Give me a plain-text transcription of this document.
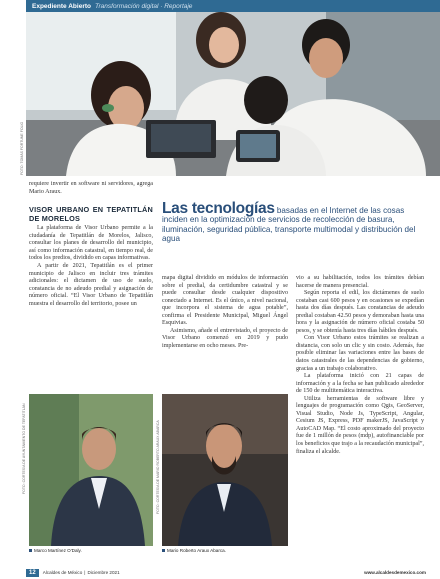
Expediente Abierto Transformación digital · Reportaje
FOTO: TOMÁS FORTUNE FOLIO

requiere invertir en software ni servidores, agrega Mario Araux.

VISOR URBANO EN TEPATITLÁN DE MORELOS

La plataforma de Visor Urbano permite a la ciudadanía de Tepatitlán de Morelos, Jalisco, consultar los planes de desarrollo del municipio, así como información catastral, en tiempo real, de todos los predios, dividido en capas informativas.

A partir de 2021, Tepatitlán es el primer municipio de Jalisco en incluir tres trámites adicionales: el dictamen de uso de suelo, constancia de no adeudo predial y asignación de número oficial. “El Visor Urbano de Tepatitlán muestra el desarrollo del territorio, posee un

Las tecnologías basadas en el Internet de las cosas inciden en la optimización de servicios de recolección de basura, iluminación, seguridad pública, transporte multimodal y distribución del agua

mapa digital dividido en módulos de información sobre el predial, da certidumbre catastral y se puede consultar desde cualquier dispositivo conectado a Internet. Es el único, a nivel nacional, que incorpora el sistema de agua potable”, confirma el Presidente Municipal, Miguel Ángel Esquivias.

Asimismo, añade el entrevistado, el proyecto de Visor Urbano comenzó en 2019 y pudo implementarse en ocho meses. Pre-

vio a su habilitación, todos los trámites debían hacerse de manera presencial.

Según reporta el edil, los dictámenes de suelo costaban casi 600 pesos y en ocasiones se expedían hasta dos días después. Las constancias de adeudo predial costaban 42.50 pesos y demoraban hasta una hora y la asignación de número oficial costaba 50 pesos, y se obtenía hasta tres días hábiles después.

Con Visor Urbano estos trámites se realizan a distancia, con solo un clic y sin costo. Además, fue posible eliminar las variaciones entre las bases de datos catastrales de las dependencias de gobierno, gracias a un trabajo colaborativo.

La plataforma inició con 21 capas de información y a la fecha se han publicado alrededor de 150 de multitemática interactiva.

Utiliza herramientas de software libre y lenguajes de programación como Qgis, GeoServer, Visual Studio, Node Js, TypeScript, Angular, Cesium JS, Express, PDF makerJS, JavaScript y AutoCAD Map. “El costo aproximado del proyecto fue de 1 millón de pesos (mdp), autofinanciable por los beneficios que trajo a la recaudación municipal”, finaliza el alcalde.

FOTO: CORTESÍA DE AYUNTAMIENTO DE TEPATITLÁN
Marco Martínez O'Daly.
FOTO: CORTESÍA DE MARIO ROBERTO ARAUX ABARCA
Mario Roberto Araux Abarca.
12	Alcaldes de México | Diciembre 2021	www.alcaldesdemexico.com
